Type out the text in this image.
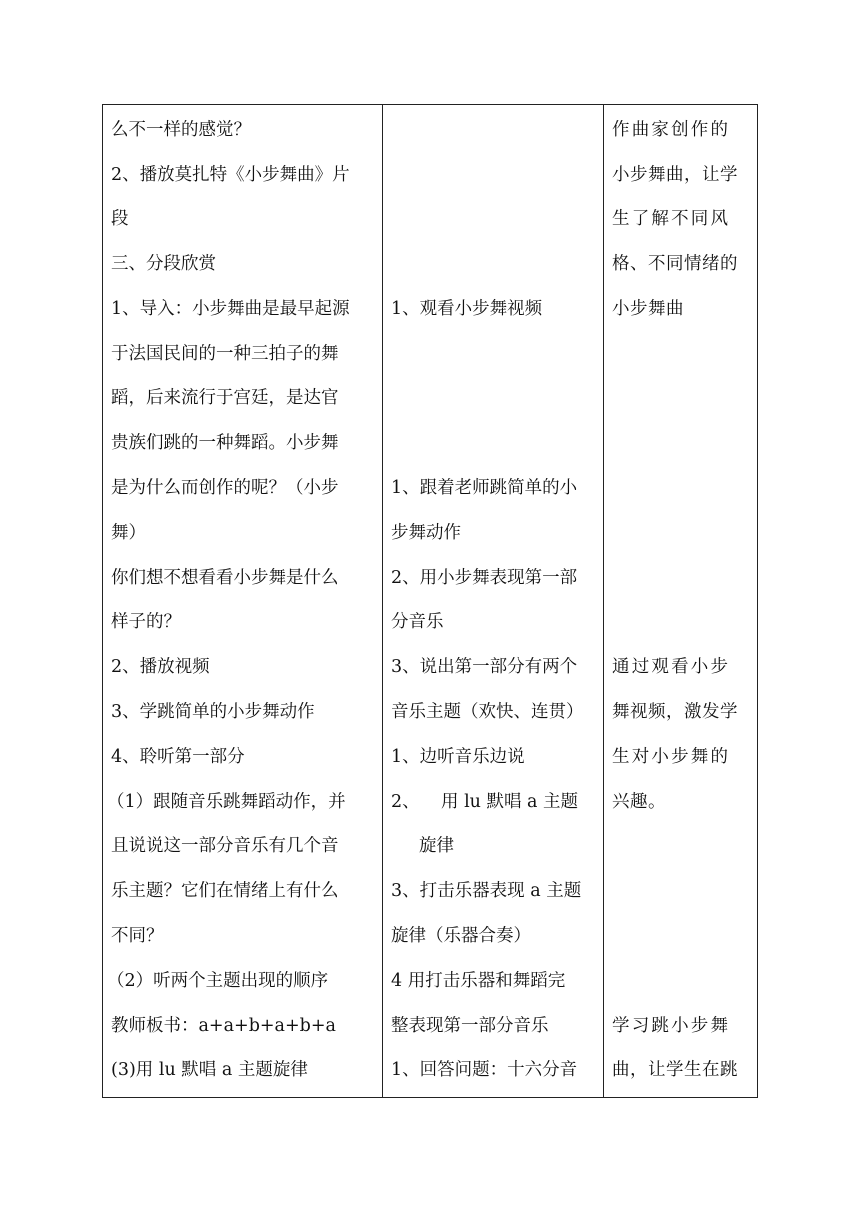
么不一样的感觉？
2、播放莫扎特《小步舞曲》片
段
三、分段欣赏
1、导入：小步舞曲是最早起源
于法国民间的一种三拍子的舞
蹈，后来流行于宫廷，是达官
贵族们跳的一种舞蹈。小步舞
是为什么而创作的呢？（小步
舞）
你们想不想看看小步舞是什么
样子的？
2、播放视频
3、学跳简单的小步舞动作
4、聆听第一部分
（1）跟随音乐跳舞蹈动作，并
且说说这一部分音乐有几个音
乐主题？它们在情绪上有什么
不同？
（2）听两个主题出现的顺序
教师板书：a+a+b+a+b+a
(3)用 lu 默唱 a 主题旋律
1、观看小步舞视频
1、跟着老师跳简单的小
步舞动作
2、用小步舞表现第一部
分音乐
3、说出第一部分有两个
音乐主题（欢快、连贯）
1、边听音乐边说
2、 用 lu 默唱 a 主题
旋律
3、打击乐器表现 a 主题
旋律（乐器合奏）
4 用打击乐器和舞蹈完
整表现第一部分音乐
1、回答问题：十六分音
作曲家创作的
小步舞曲，让学
生了解不同风
格、不同情绪的
小步舞曲
通过观看小步
舞视频，激发学
生对小步舞的
兴趣。
学习跳小步舞
曲，让学生在跳
